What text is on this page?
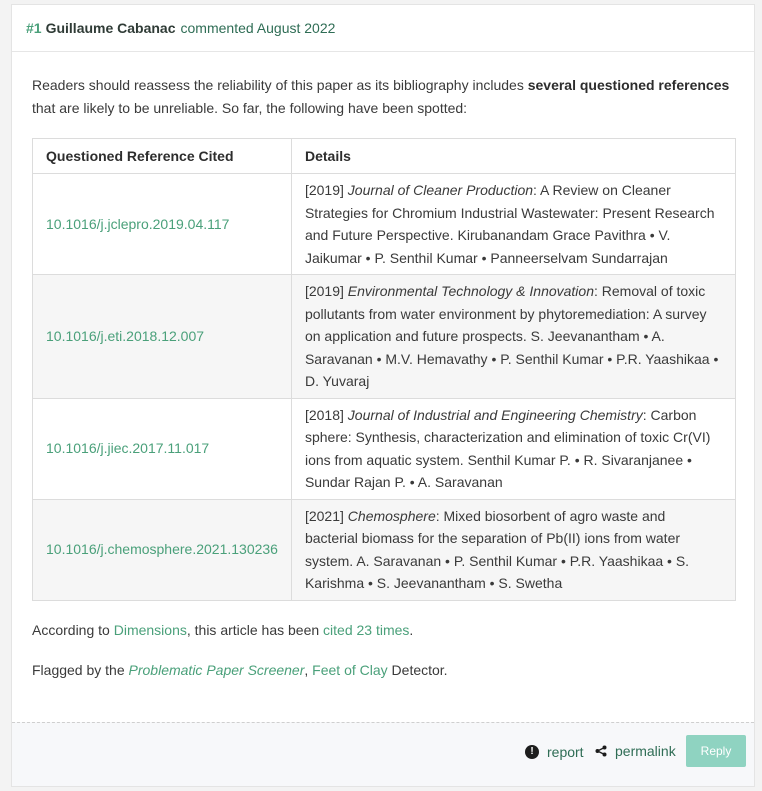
#1 Guillaume Cabanac commented August 2022

Readers should reassess the reliability of this paper as its bibliography includes several questioned references that are likely to be unreliable. So far, the following have been spotted:

Questioned Reference Cited	Details
10.1016/j.jclepro.2019.04.117	[2019] Journal of Cleaner Production: A Review on Cleaner Strategies for Chromium Industrial Wastewater: Present Research and Future Perspective. Kirubanandam Grace Pavithra • V. Jaikumar • P. Senthil Kumar • Panneerselvam Sundarrajan
10.1016/j.eti.2018.12.007	[2019] Environmental Technology & Innovation: Removal of toxic pollutants from water environment by phytoremediation: A survey on application and future prospects. S. Jeevanantham • A. Saravanan • M.V. Hemavathy • P. Senthil Kumar • P.R. Yaashikaa • D. Yuvaraj
10.1016/j.jiec.2017.11.017	[2018] Journal of Industrial and Engineering Chemistry: Carbon sphere: Synthesis, characterization and elimination of toxic Cr(VI) ions from aquatic system. Senthil Kumar P. • R. Sivaranjanee • Sundar Rajan P. • A. Saravanan
10.1016/j.chemosphere.2021.130236	[2021] Chemosphere: Mixed biosorbent of agro waste and bacterial biomass for the separation of Pb(II) ions from water system. A. Saravanan • P. Senthil Kumar • P.R. Yaashikaa • S. Karishma • S. Jeevanantham • S. Swetha

According to Dimensions, this article has been cited 23 times.

Flagged by the Problematic Paper Screener, Feet of Clay Detector.

! report permalink	Reply
